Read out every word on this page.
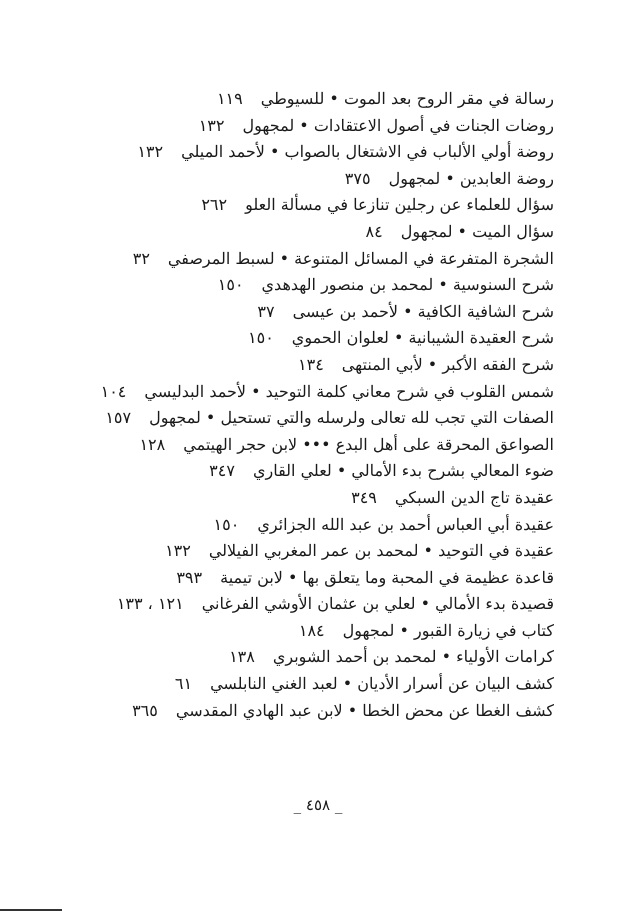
رسالة في مقر الروح بعد الموت • للسيوطي١١٩
روضات الجنات في أصول الاعتقادات • لمجهول١٣٢
روضة أولي الألباب في الاشتغال بالصواب • لأحمد الميلي١٣٢
روضة العابدين • لمجهول٣٧٥
سؤال للعلماء عن رجلين تنازعا في مسألة العلو٢٦٢
سؤال الميت • لمجهول٨٤
الشجرة المتفرعة في المسائل المتنوعة • لسبط المرصفي٣٢
شرح السنوسية • لمحمد بن منصور الهدهدي١٥٠
شرح الشافية الكافية • لأحمد بن عيسى٣٧
شرح العقيدة الشيبانية • لعلوان الحموي١٥٠
شرح الفقه الأكبر • لأبي المنتهى١٣٤
شمس القلوب في شرح معاني كلمة التوحيد • لأحمد البدليسي١٠٤
الصفات التي تجب لله تعالى ولرسله والتي تستحيل • لمجهول١٥٧
الصواعق المحرقة على أهل البدع ••• لابن حجر الهيتمي١٢٨
ضوء المعالي بشرح بدء الأمالي • لعلي القاري٣٤٧
عقيدة تاج الدين السبكي٣٤٩
عقيدة أبي العباس أحمد بن عبد الله الجزائري١٥٠
عقيدة في التوحيد • لمحمد بن عمر المغربي الفيلالي١٣٢
قاعدة عظيمة في المحبة وما يتعلق بها • لابن تيمية٣٩٣
قصيدة بدء الأمالي • لعلي بن عثمان الأوشي الفرغاني١٢١ ، ١٣٣
كتاب في زيارة القبور • لمجهول١٨٤
كرامات الأولياء • لمحمد بن أحمد الشوبري١٣٨
كشف البيان عن أسرار الأديان • لعبد الغني النابلسي٦١
كشف الغطا عن محض الخطا • لابن عبد الهادي المقدسي٣٦٥
_ ٤٥٨ _
